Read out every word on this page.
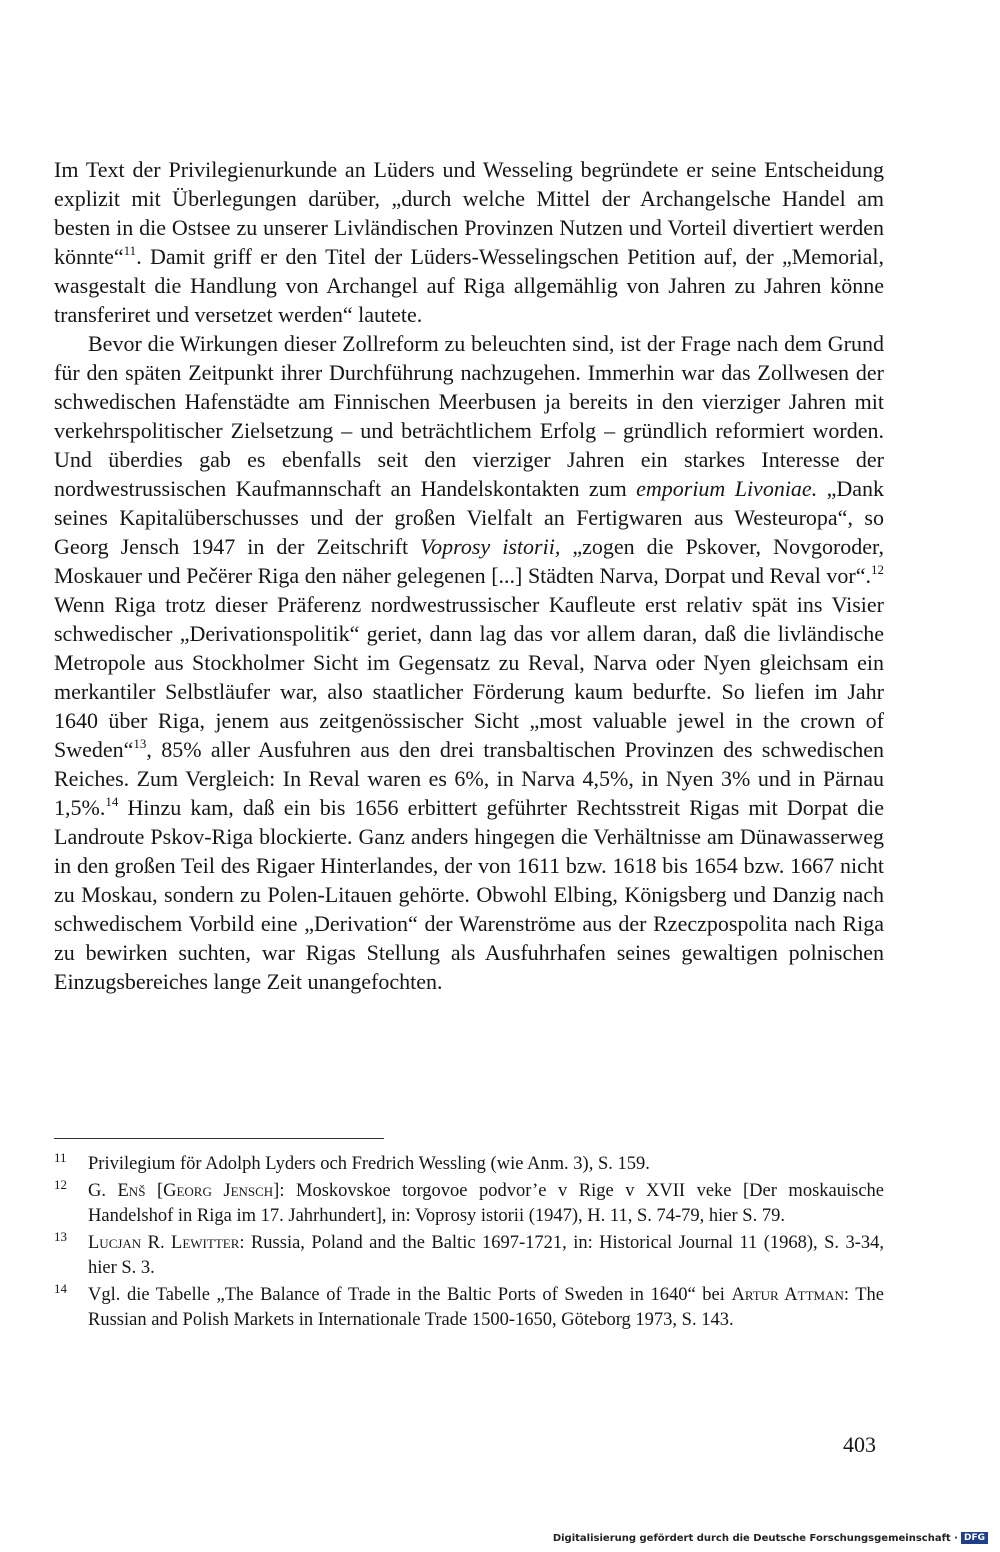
Im Text der Privilegienurkunde an Lüders und Wesseling begründete er seine Entscheidung explizit mit Überlegungen darüber, „durch welche Mittel der Archangelsche Handel am besten in die Ostsee zu unserer Livländischen Provinzen Nutzen und Vorteil divertiert werden könnte“$^{11}$. Damit griff er den Titel der Lüders-Wesselingschen Petition auf, der „Memorial, wasgestalt die Handlung von Archangel auf Riga allgemählig von Jahren zu Jahren könne transferiret und versetzet werden“ lautete.

Bevor die Wirkungen dieser Zollreform zu beleuchten sind, ist der Frage nach dem Grund für den späten Zeitpunkt ihrer Durchführung nachzugehen. Immerhin war das Zollwesen der schwedischen Hafenstädte am Finnischen Meerbusen ja bereits in den vierziger Jahren mit verkehrspolitischer Zielsetzung – und beträchtlichem Erfolg – gründlich reformiert worden. Und überdies gab es ebenfalls seit den vierziger Jahren ein starkes Interesse der nordwestrussischen Kaufmannschaft an Handelskontakten zum emporium Livoniae. „Dank seines Kapitalüberschusses und der großen Vielfalt an Fertigwaren aus Westeuropa“, so Georg Jensch 1947 in der Zeitschrift Voprosy istorii, „zogen die Pskover, Novgoroder, Moskauer und Pečërer Riga den näher gelegenen [...] Städten Narva, Dorpat und Reval vor“.$^{12}$ Wenn Riga trotz dieser Präferenz nordwestrussischer Kaufleute erst relativ spät ins Visier schwedischer „Derivationspolitik“ geriet, dann lag das vor allem daran, daß die livländische Metropole aus Stockholmer Sicht im Gegensatz zu Reval, Narva oder Nyen gleichsam ein merkantiler Selbstläufer war, also staatlicher Förderung kaum bedurfte. So liefen im Jahr 1640 über Riga, jenem aus zeitgenössischer Sicht „most valuable jewel in the crown of Sweden“$^{13}$, 85% aller Ausfuhren aus den drei transbaltischen Provinzen des schwedischen Reiches. Zum Vergleich: In Reval waren es 6%, in Narva 4,5%, in Nyen 3% und in Pärnau 1,5%.$^{14}$ Hinzu kam, daß ein bis 1656 erbittert geführter Rechtsstreit Rigas mit Dorpat die Landroute Pskov-Riga blockierte. Ganz anders hingegen die Verhältnisse am Dünawasserweg in den großen Teil des Rigaer Hinterlandes, der von 1611 bzw. 1618 bis 1654 bzw. 1667 nicht zu Moskau, sondern zu Polen-Litauen gehörte. Obwohl Elbing, Königsberg und Danzig nach schwedischem Vorbild eine „Derivation“ der Warenströme aus der Rzeczpospolita nach Riga zu bewirken suchten, war Rigas Stellung als Ausfuhrhafen seines gewaltigen polnischen Einzugsbereiches lange Zeit unangefochten.

11 Privilegium för Adolph Lyders och Fredrich Wessling (wie Anm. 3), S. 159.
12 G. Enš [Georg Jensch]: Moskovskoe torgovoe podvor’e v Rige v XVII veke [Der moskauische Handelshof in Riga im 17. Jahrhundert], in: Voprosy istorii (1947), H. 11, S. 74-79, hier S. 79.
13 Lucjan R. Lewitter: Russia, Poland and the Baltic 1697-1721, in: Historical Journal 11 (1968), S. 3-34, hier S. 3.
14 Vgl. die Tabelle „The Balance of Trade in the Baltic Ports of Sweden in 1640“ bei Artur Attman: The Russian and Polish Markets in Internationale Trade 1500-1650, Göteborg 1973, S. 143.
403
Digitalisierung gefördert durch die Deutsche Forschungsgemeinschaft · DFG
